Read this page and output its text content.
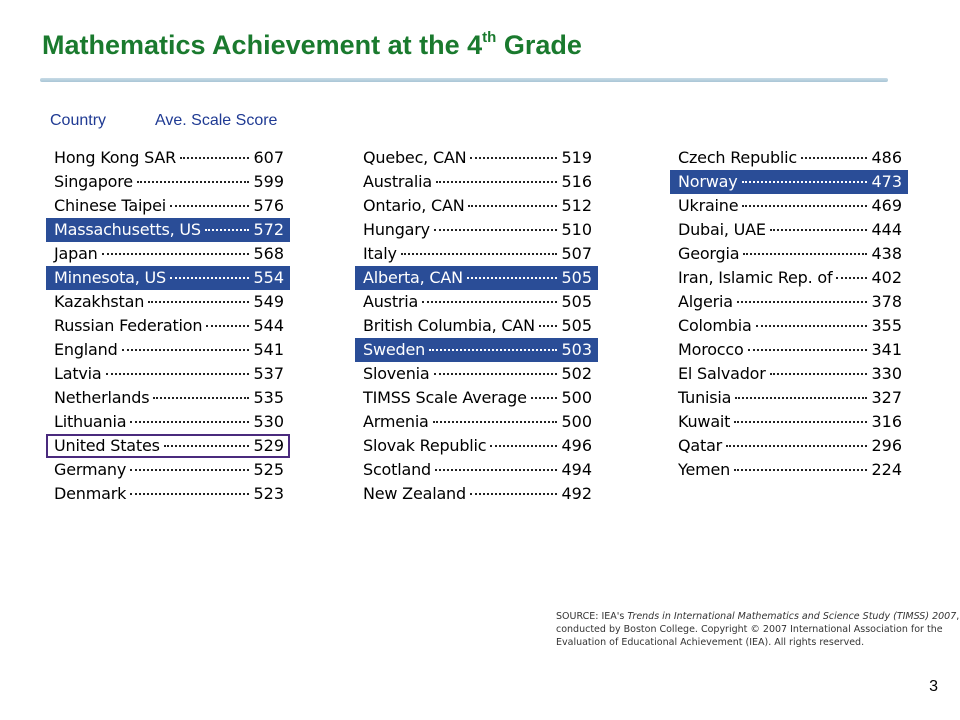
Mathematics Achievement at the 4th Grade
Country	Ave. Scale Score
Hong Kong SAR	607
Singapore	599
Chinese Taipei	576
Massachusetts, US	572
Japan	568
Minnesota, US	554
Kazakhstan	549
Russian Federation	544
England	541
Latvia	537
Netherlands	535
Lithuania	530
United States	529
Germany	525
Denmark	523
Quebec, CAN	519
Australia	516
Ontario, CAN	512
Hungary	510
Italy	507
Alberta, CAN	505
Austria	505
British Columbia, CAN 505
Sweden	503
Slovenia	502
TIMSS Scale Average 500
Armenia	500
Slovak Republic	496
Scotland	494
New Zealand	492
Czech Republic	486
Norway	473
Ukraine	469
Dubai, UAE	444
Georgia	438
Iran, Islamic Rep. of 402
Algeria	378
Colombia	355
Morocco	341
El Salvador	330
Tunisia	327
Kuwait	316
Qatar	296
Yemen	224
SOURCE: IEA's Trends in International Mathematics and Science Study (TIMSS) 2007,
conducted by Boston College. Copyright © 2007 International Association for the
Evaluation of Educational Achievement (IEA). All rights reserved.
3
